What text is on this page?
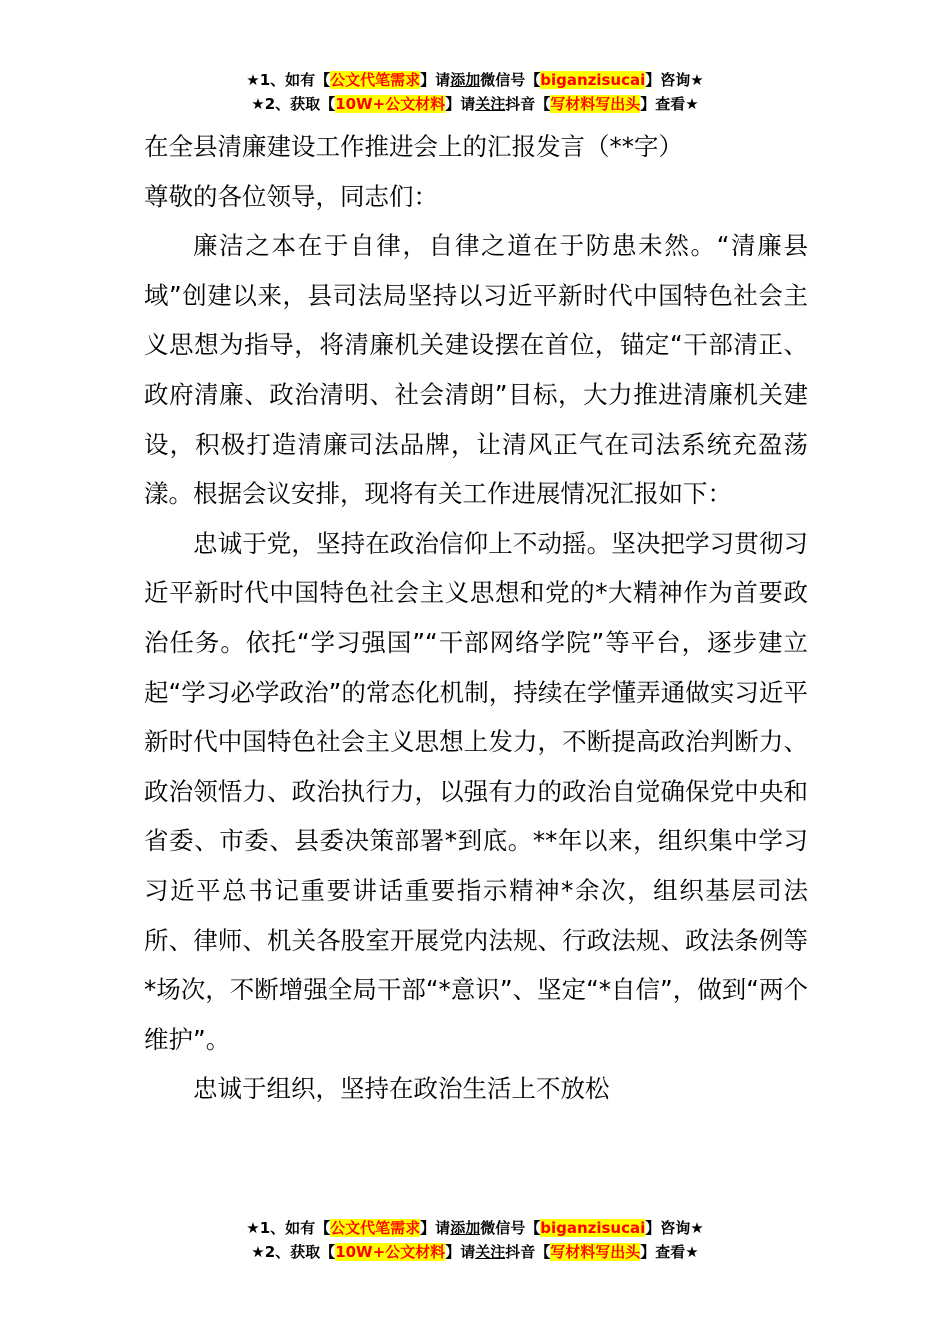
★1、如有【公文代笔需求】请添加微信号【biganzisucai】咨询★
★2、获取【10W+公文材料】请关注抖音【写材料写出头】查看★

在全县清廉建设工作推进会上的汇报发言（**字）

尊敬的各位领导，同志们：

廉洁之本在于自律，自律之道在于防患未然。“清廉县域”创建以来，县司法局坚持以习近平新时代中国特色社会主义思想为指导，将清廉机关建设摆在首位，锚定“干部清正、政府清廉、政治清明、社会清朗”目标，大力推进清廉机关建设，积极打造清廉司法品牌，让清风正气在司法系统充盈荡漾。根据会议安排，现将有关工作进展情况汇报如下：

忠诚于党，坚持在政治信仰上不动摇。坚决把学习贯彻习近平新时代中国特色社会主义思想和党的*大精神作为首要政治任务。依托“学习强国”“干部网络学院”等平台，逐步建立起“学习必学政治”的常态化机制，持续在学懂弄通做实习近平新时代中国特色社会主义思想上发力，不断提高政治判断力、政治领悟力、政治执行力，以强有力的政治自觉确保党中央和省委、市委、县委决策部署*到底。**年以来，组织集中学习习近平总书记重要讲话重要指示精神*余次，组织基层司法所、律师、机关各股室开展党内法规、行政法规、政法条例等*场次，不断增强全局干部“*意识”、坚定“*自信”，做到“两个维护”。

忠诚于组织，坚持在政治生活上不放松

★1、如有【公文代笔需求】请添加微信号【biganzisucai】咨询★
★2、获取【10W+公文材料】请关注抖音【写材料写出头】查看★
